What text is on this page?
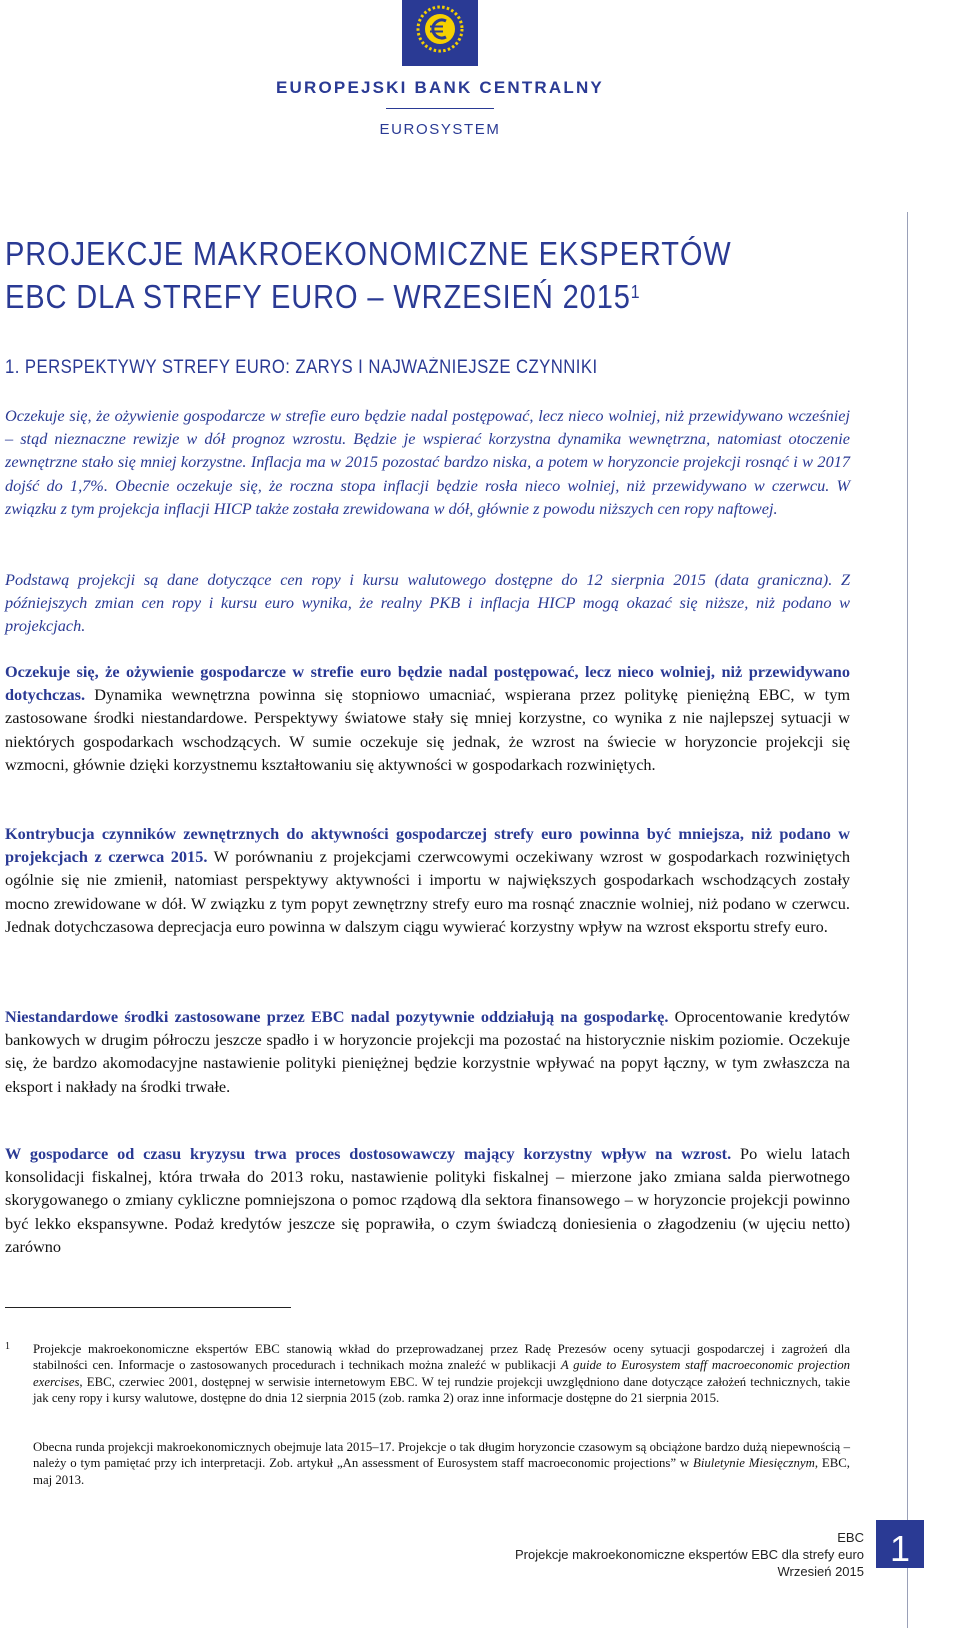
EUROPEJSKI BANK CENTRALNY
EUROSYSTEM
PROJEKCJE MAKROEKONOMICZNE EKSPERTÓW EBC DLA STREFY EURO – WRZESIEŃ 2015$^1$
1. PERSPEKTYWY STREFY EURO: ZARYS I NAJWAŻNIEJSZE CZYNNIKI

Oczekuje się, że ożywienie gospodarcze w strefie euro będzie nadal postępować, lecz nieco wolniej, niż przewidywano wcześniej – stąd nieznaczne rewizje w dół prognoz wzrostu. Będzie je wspierać korzystna dynamika wewnętrzna, natomiast otoczenie zewnętrzne stało się mniej korzystne. Inflacja ma w 2015 pozostać bardzo niska, a potem w horyzoncie projekcji rosnąć i w 2017 dojść do 1,7%. Obecnie oczekuje się, że roczna stopa inflacji będzie rosła nieco wolniej, niż przewidywano w czerwcu. W związku z tym projekcja inflacji HICP także została zrewidowana w dół, głównie z powodu niższych cen ropy naftowej.

Podstawą projekcji są dane dotyczące cen ropy i kursu walutowego dostępne do 12 sierpnia 2015 (data graniczna). Z późniejszych zmian cen ropy i kursu euro wynika, że realny PKB i inflacja HICP mogą okazać się niższe, niż podano w projekcjach.

Oczekuje się, że ożywienie gospodarcze w strefie euro będzie nadal postępować, lecz nieco wolniej, niż przewidywano dotychczas. Dynamika wewnętrzna powinna się stopniowo umacniać, wspierana przez politykę pieniężną EBC, w tym zastosowane środki niestandardowe. Perspektywy światowe stały się mniej korzystne, co wynika z nie najlepszej sytuacji w niektórych gospodarkach wschodzących. W sumie oczekuje się jednak, że wzrost na świecie w horyzoncie projekcji się wzmocni, głównie dzięki korzystnemu kształtowaniu się aktywności w gospodarkach rozwiniętych.

Kontrybucja czynników zewnętrznych do aktywności gospodarczej strefy euro powinna być mniejsza, niż podano w projekcjach z czerwca 2015. W porównaniu z projekcjami czerwcowymi oczekiwany wzrost w gospodarkach rozwiniętych ogólnie się nie zmienił, natomiast perspektywy aktywności i importu w największych gospodarkach wschodzących zostały mocno zrewidowane w dół. W związku z tym popyt zewnętrzny strefy euro ma rosnąć znacznie wolniej, niż podano w czerwcu. Jednak dotychczasowa deprecjacja euro powinna w dalszym ciągu wywierać korzystny wpływ na wzrost eksportu strefy euro.

Niestandardowe środki zastosowane przez EBC nadal pozytywnie oddziałują na gospodarkę. Oprocentowanie kredytów bankowych w drugim półroczu jeszcze spadło i w horyzoncie projekcji ma pozostać na historycznie niskim poziomie. Oczekuje się, że bardzo akomodacyjne nastawienie polityki pieniężnej będzie korzystnie wpływać na popyt łączny, w tym zwłaszcza na eksport i nakłady na środki trwałe.

W gospodarce od czasu kryzysu trwa proces dostosowawczy mający korzystny wpływ na wzrost. Po wielu latach konsolidacji fiskalnej, która trwała do 2013 roku, nastawienie polityki fiskalnej – mierzone jako zmiana salda pierwotnego skorygowanego o zmiany cykliczne pomniejszona o pomoc rządową dla sektora finansowego – w horyzoncie projekcji powinno być lekko ekspansywne. Podaż kredytów jeszcze się poprawiła, o czym świadczą doniesienia o złagodzeniu (w ujęciu netto) zarówno

1 Projekcje makroekonomiczne ekspertów EBC stanowią wkład do przeprowadzanej przez Radę Prezesów oceny sytuacji gospodarczej i zagrożeń dla stabilności cen. Informacje o zastosowanych procedurach i technikach można znaleźć w publikacji A guide to Eurosystem staff macroeconomic projection exercises, EBC, czerwiec 2001, dostępnej w serwisie internetowym EBC. W tej rundzie projekcji uwzględniono dane dotyczące założeń technicznych, takie jak ceny ropy i kursy walutowe, dostępne do dnia 12 sierpnia 2015 (zob. ramka 2) oraz inne informacje dostępne do 21 sierpnia 2015.

Obecna runda projekcji makroekonomicznych obejmuje lata 2015–17. Projekcje o tak długim horyzoncie czasowym są obciążone bardzo dużą niepewnością – należy o tym pamiętać przy ich interpretacji. Zob. artykuł „An assessment of Eurosystem staff macroeconomic projections” w Biuletynie Miesięcznym, EBC, maj 2013.

EBC
Projekcje makroekonomiczne ekspertów EBC dla strefy euro
Wrzesień 2015
1
